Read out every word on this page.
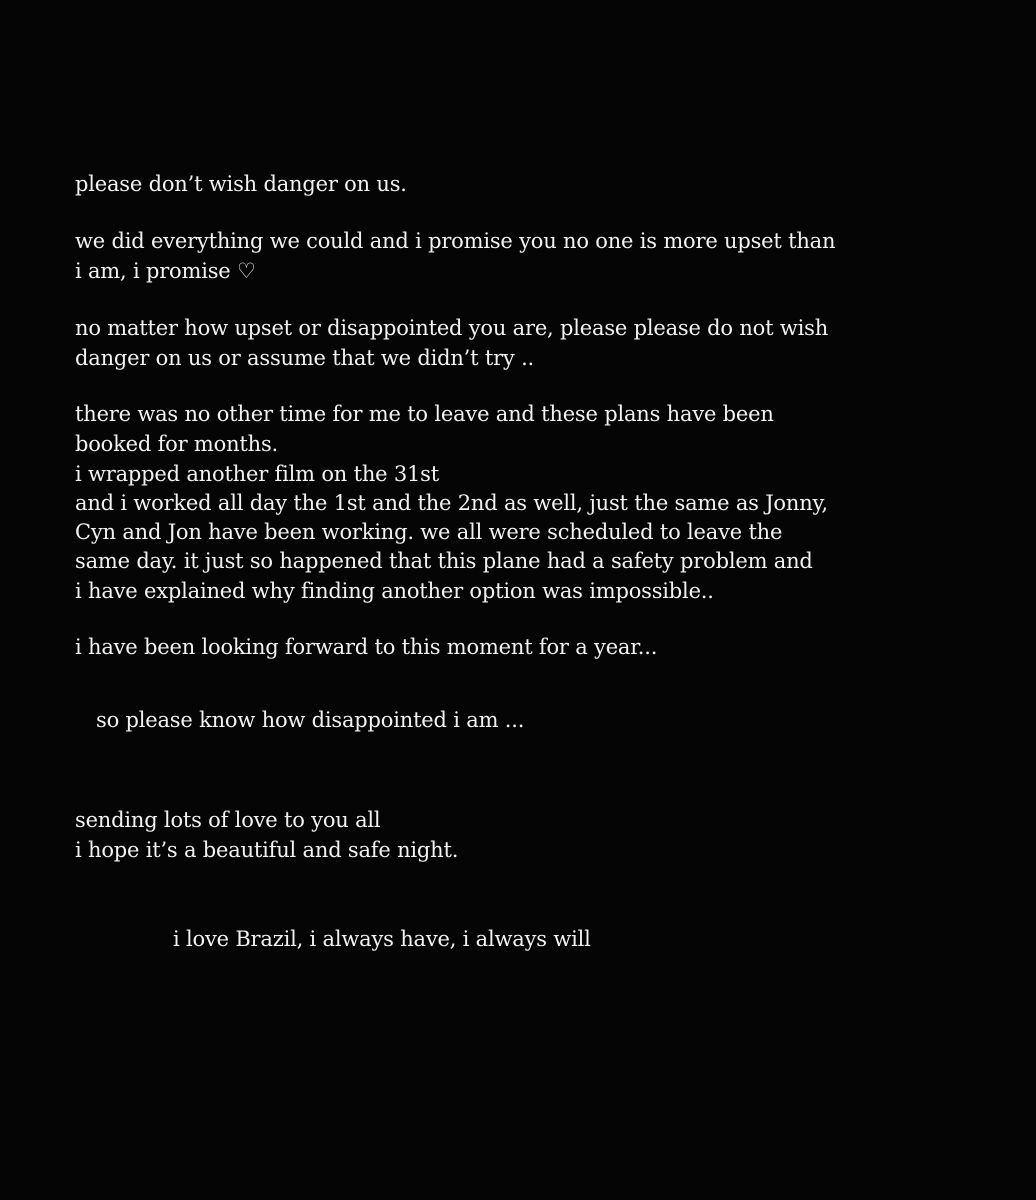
please don’t wish danger on us.

we did everything we could and i promise you no one is more upset than

i am, i promise ♡

no matter how upset or disappointed you are, please please do not wish

danger on us or assume that we didn’t try ..

there was no other time for me to leave and these plans have been

booked for months.

i wrapped another film on the 31st

and i worked all day the 1st and the 2nd as well, just the same as Jonny,

Cyn and Jon have been working. we all were scheduled to leave the

same day. it just so happened that this plane had a safety problem and

i have explained why finding another option was impossible..

i have been looking forward to this moment for a year...

so please know how disappointed i am ...

sending lots of love to you all

i hope it’s a beautiful and safe night.

i love Brazil, i always have, i always will
